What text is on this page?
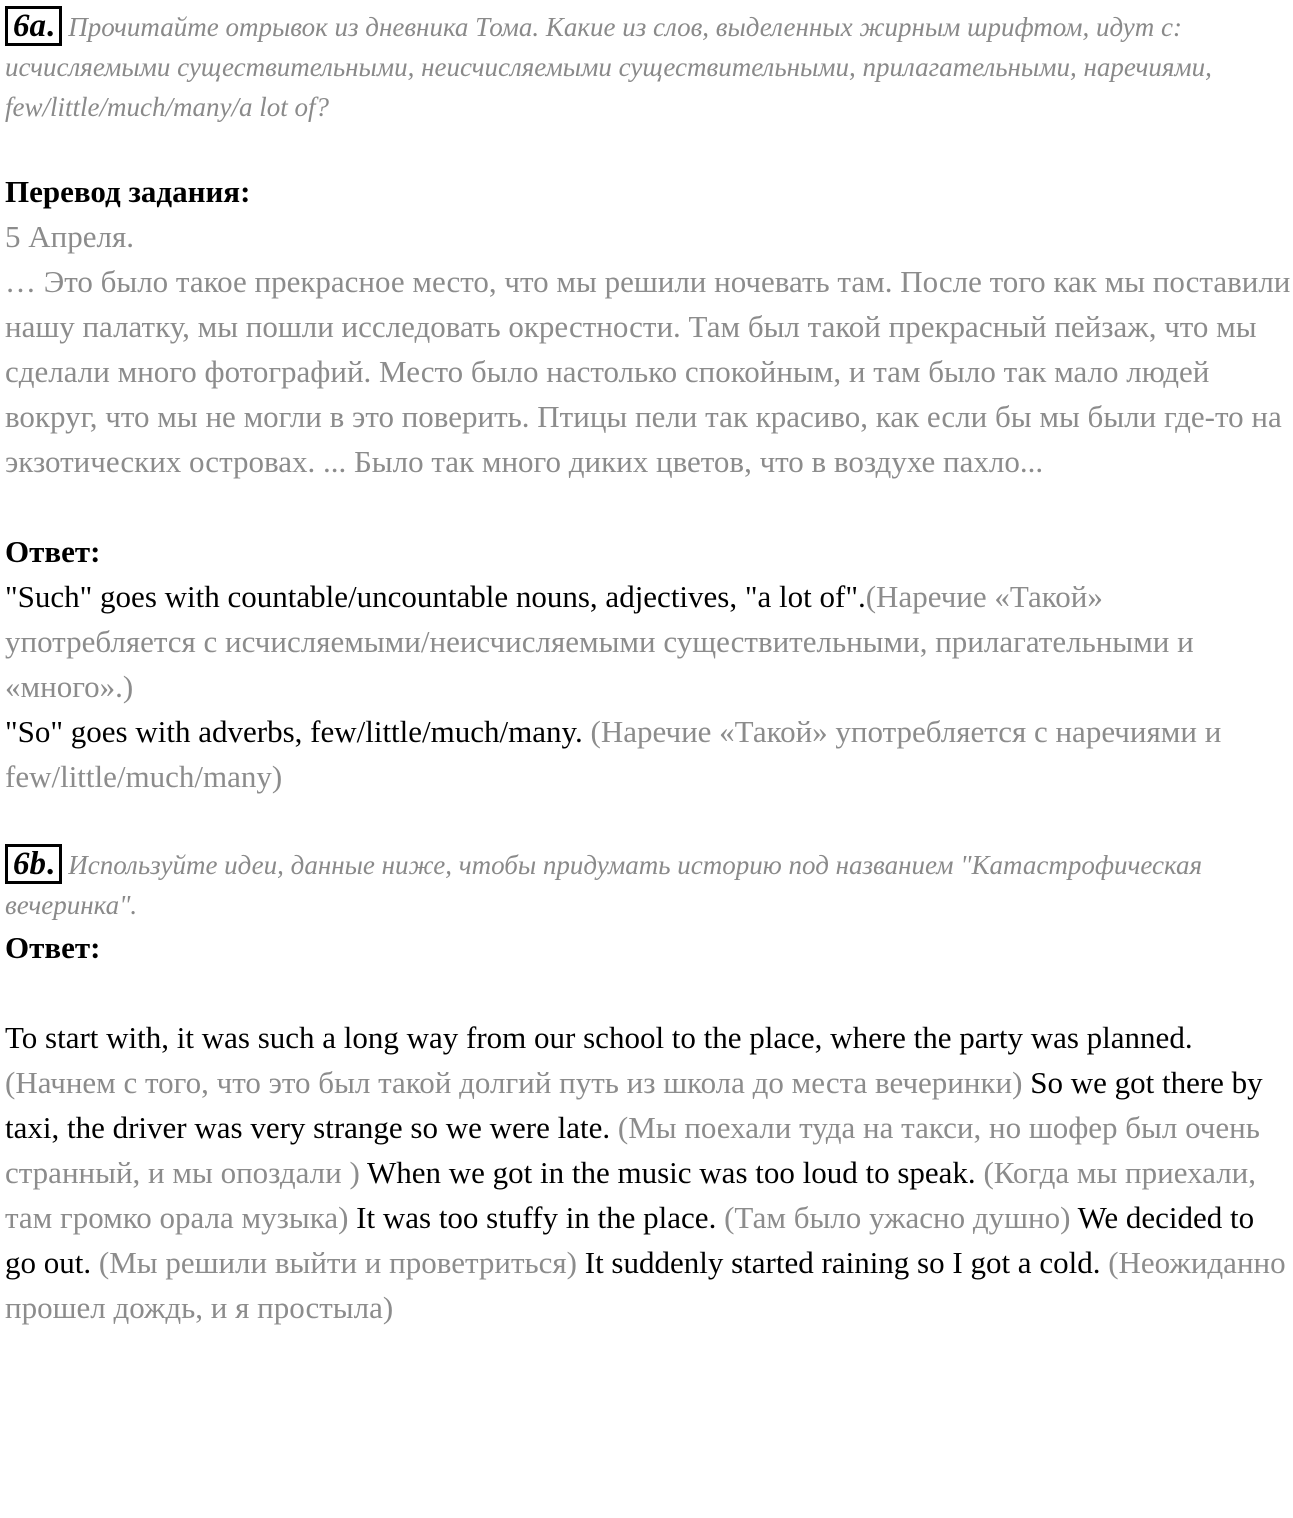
6a. Прочитайте отрывок из дневника Тома. Какие из слов, выделенных жирным шрифтом, идут с: исчисляемыми существительными, неисчисляемыми существительными, прилагательными, наречиями, few/little/much/many/a lot of?

Перевод задания:

5 Апреля.

… Это было такое прекрасное место, что мы решили ночевать там. После того как мы поставили нашу палатку, мы пошли исследовать окрестности. Там был такой прекрасный пейзаж, что мы сделали много фотографий. Место было настолько спокойным, и там было так мало людей вокруг, что мы не могли в это поверить. Птицы пели так красиво, как если бы мы были где-то на экзотических островах. ... Было так много диких цветов, что в воздухе пахло...

Ответ:

"Such" goes with countable/uncountable nouns, adjectives, "a lot of".(Наречие «Такой» употребляется с исчисляемыми/неисчисляемыми существительными, прилагательными и «много».)

"So" goes with adverbs, few/little/much/many. (Наречие «Такой» употребляется с наречиями и few/little/much/many)

6b. Используйте идеи, данные ниже, чтобы придумать историю под названием "Катастрофическая вечеринка".

Ответ:

To start with, it was such a long way from our school to the place, where the party was planned. (Начнем с того, что это был такой долгий путь из школа до места вечеринки) So we got there by taxi, the driver was very strange so we were late. (Мы поехали туда на такси, но шофер был очень странный, и мы опоздали ) When we got in the music was too loud to speak. (Когда мы приехали, там громко орала музыка) It was too stuffy in the place. (Там было ужасно душно) We decided to go out. (Мы решили выйти и проветриться) It suddenly started raining so I got a cold. (Неожиданно прошел дождь, и я простыла)
